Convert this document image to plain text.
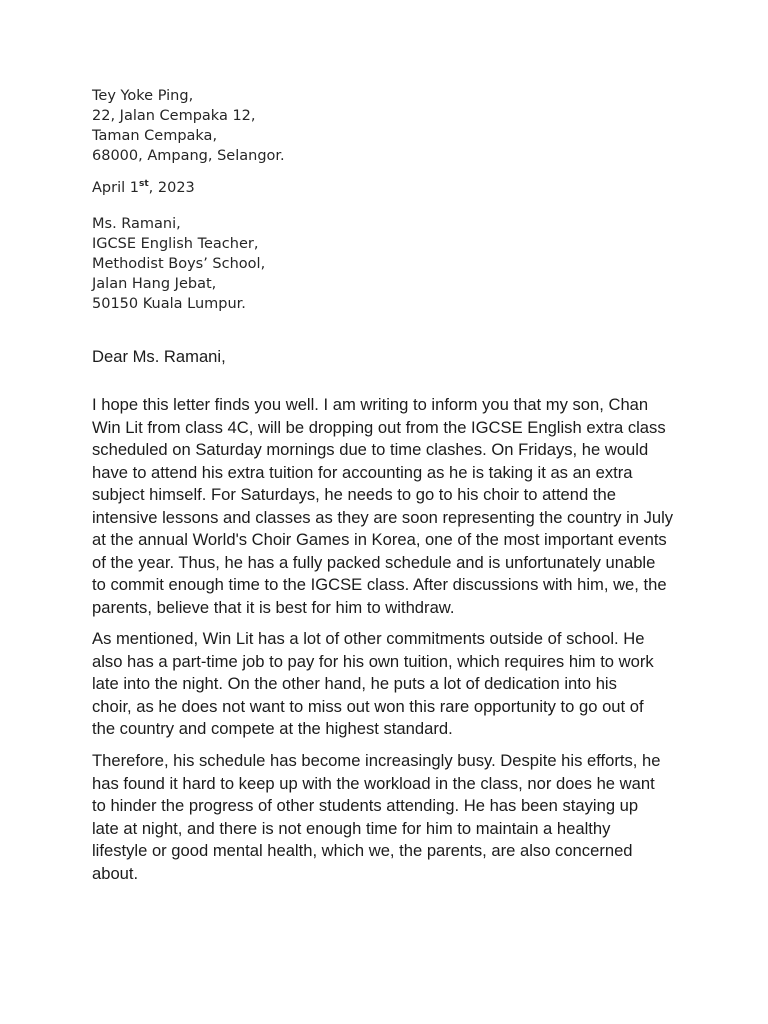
Tey Yoke Ping,
22, Jalan Cempaka 12,
Taman Cempaka,
68000, Ampang, Selangor.
April 1st, 2023
Ms. Ramani,
IGCSE English Teacher,
Methodist Boys’ School,
Jalan Hang Jebat,
50150 Kuala Lumpur.
Dear Ms. Ramani,
I hope this letter finds you well. I am writing to inform you that my son, Chan
Win Lit from class 4C, will be dropping out from the IGCSE English extra class
scheduled on Saturday mornings due to time clashes. On Fridays, he would
have to attend his extra tuition for accounting as he is taking it as an extra
subject himself. For Saturdays, he needs to go to his choir to attend the
intensive lessons and classes as they are soon representing the country in July
at the annual World's Choir Games in Korea, one of the most important events
of the year. Thus, he has a fully packed schedule and is unfortunately unable
to commit enough time to the IGCSE class. After discussions with him, we, the
parents, believe that it is best for him to withdraw.
As mentioned, Win Lit has a lot of other commitments outside of school. He
also has a part-time job to pay for his own tuition, which requires him to work
late into the night. On the other hand, he puts a lot of dedication into his
choir, as he does not want to miss out won this rare opportunity to go out of
the country and compete at the highest standard.
Therefore, his schedule has become increasingly busy. Despite his efforts, he
has found it hard to keep up with the workload in the class, nor does he want
to hinder the progress of other students attending. He has been staying up
late at night, and there is not enough time for him to maintain a healthy
lifestyle or good mental health, which we, the parents, are also concerned
about.
